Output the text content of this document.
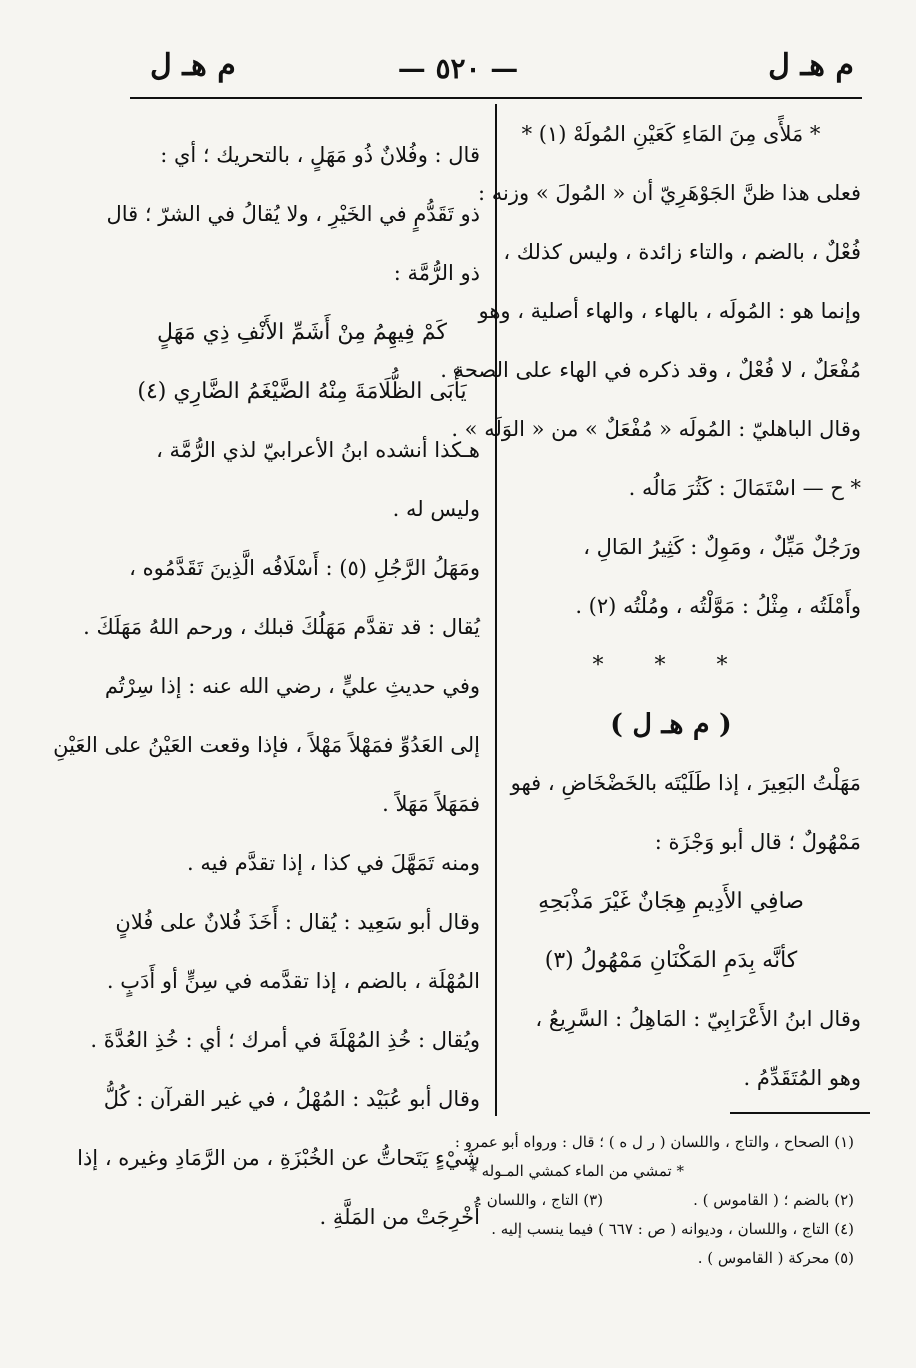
م هـ ل
— ٥٢٠ —
م هـ ل
* مَلأًى مِنَ المَاءِ كَعَيْنِ المُولَهْ (١) *
فعلى هذا ظنَّ الجَوْهَرِيّ أن « المُولَ » وزنه :
فُعْلٌ ، بالضم ، والتاء زائدة ، وليس كذلك ،
وإنما هو : المُولَه ، بالهاء ، والهاء أصلية ، وهو
مُفْعَلٌ ، لا فُعْلٌ ، وقد ذكره في الهاء على الصحة .
وقال الباهليّ : المُولَه « مُفْعَلٌ » من « الوَلَه » .
* ح — اسْتَمَالَ : كَثُرَ مَالُه .
ورَجُلٌ مَيِّلٌ ، ومَوِلٌ : كَثِيرُ المَالِ ،
وأَمْلَتُه ، مِثْلُ : مَوَّلْتُه ، ومُلْتُه (٢) .
* * *
( م هـ ل )
مَهَلْتُ البَعِيرَ ، إذا طَلَيْتَه بالخَضْخَاضِ ، فهو
مَمْهُولٌ ؛ قال أبو وَجْزَة :
صافِي الأَدِيمِ هِجَانٌ غَيْرَ مَذْبَحِهِ
كأنَّه بِدَمِ المَكْنَانِ مَمْهُولُ (٣)
وقال ابنُ الأَعْرَابِيّ : المَاهِلُ : السَّرِيعُ ،
وهو المُتَقَدِّمُ .
قال : وفُلانٌ ذُو مَهَلٍ ، بالتحريك ؛ أي :
ذو تَقَدُّمٍ في الخَيْرِ ، ولا يُقالُ في الشرّ ؛ قال
ذو الرُّمَّة :
كَمْ فِيهِمُ مِنْ أَشَمِّ الأَنْفِ ذِي مَهَلٍ
يَأْبَى الظُّلَامَةَ مِنْهُ الضَّيْغَمُ الضَّارِي (٤)
هـكذا أنشده ابنُ الأعرابيّ لذي الرُّمَّة ،
وليس له .
ومَهَلُ الرَّجُلِ (٥) : أَسْلَافُه الَّذِينَ تَقَدَّمُوه ،
يُقال : قد تقدَّم مَهَلُكَ قبلك ، ورحم اللهُ مَهَلَكَ .
وفي حديثِ عليٍّ ، رضي الله عنه : إذا سِرْتُم
إلى العَدُوِّ فمَهْلاً مَهْلاً ، فإذا وقعت العَيْنُ على العَيْنِ
فمَهَلاً مَهَلاً .
ومنه تَمَهَّلَ في كذا ، إذا تقدَّم فيه .
وقال أبو سَعِيد : يُقال : أَخَذَ فُلانٌ على فُلانٍ
المُهْلَة ، بالضم ، إذا تقدَّمه في سِنٍّ أو أَدَبٍ .
ويُقال : خُذِ المُهْلَةَ في أمرك ؛ أي : خُذِ العُدَّةَ .
وقال أبو عُبَيْد : المُهْلُ ، في غير القرآن : كُلُّ
شَيْءٍ يَتَحاتُّ عن الخُبْزَةِ ، من الرَّمَادِ وغيره ، إذا
أُخْرِجَتْ من المَلَّةِ .
(١) الصحاح ، والتاج ، واللسان ( ر ل ه ) ؛ قال : ورواه أبو عمرو :
* تمشي من الماء كمشي المـوله *
(٢) بالضم ؛ ( القاموس ) .
(٣) التاج ، واللسان .
(٤) التاج ، واللسان ، وديوانه ( ص : ٦٦٧ ) فيما ينسب إليه .
(٥) محركة ( القاموس ) .
